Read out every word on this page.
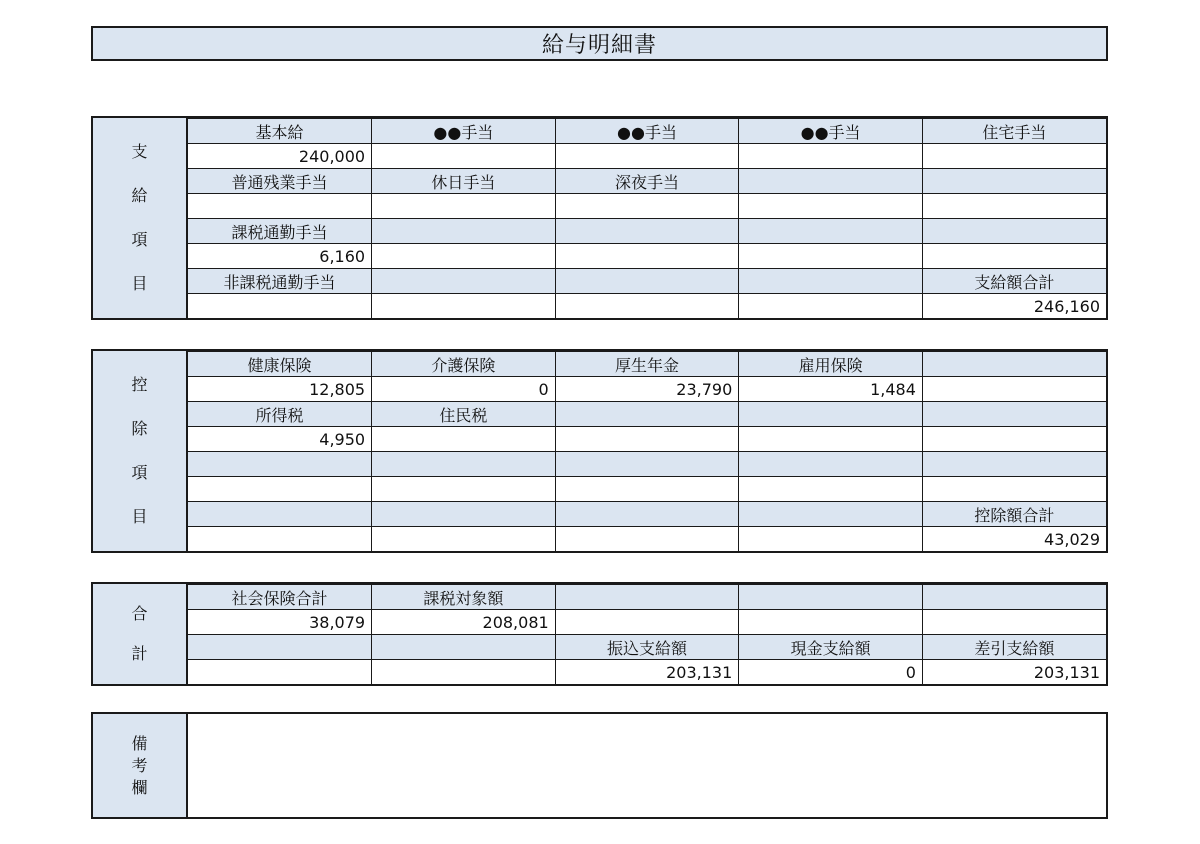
給与明細書
支
給
項
目
基本給	●●手当	●●手当	●●手当	住宅手当
240,000				
普通残業手当	休日手当	深夜手当		

課税通勤手当				
6,160				
非課税通勤手当				支給額合計
				246,160
控
除
項
目
健康保険	介護保険	厚生年金	雇用保険	
12,805	0	23,790	1,484	
所得税	住民税			
4,950				

				控除額合計
				43,029
合
計
社会保険合計	課税対象額			
38,079	208,081			
		振込支給額	現金支給額	差引支給額
		203,131	0	203,131
備
考
欄
